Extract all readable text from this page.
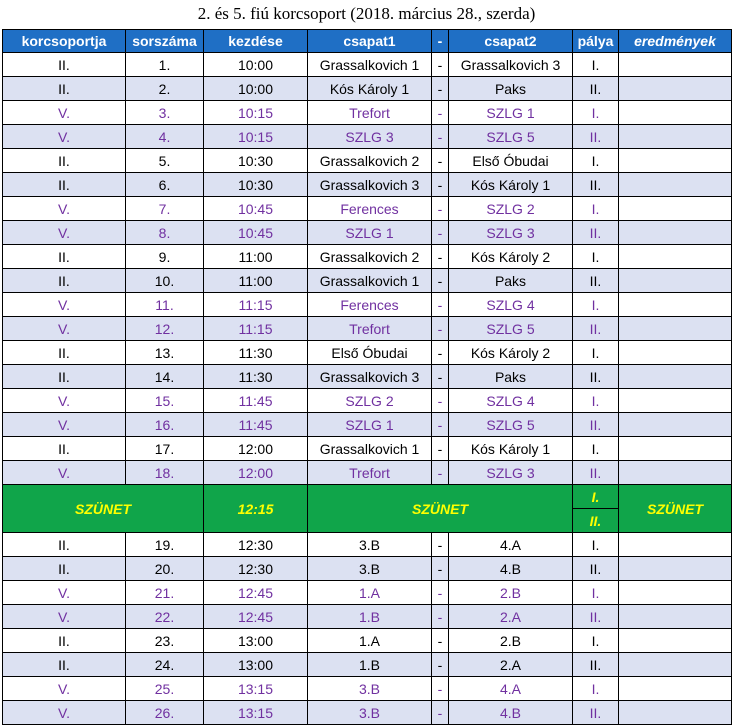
2. és 5. fiú korcsoport (2018. március 28., szerda)
korcsoportja	sorszáma	kezdése	csapat1	-	csapat2	pálya	eredmények
II.	1.	10:00	Grassalkovich 1	-	Grassalkovich 3	I.	
II.	2.	10:00	Kós Károly 1	-	Paks	II.	
V.	3.	10:15	Trefort	-	SZLG 1	I.	
V.	4.	10:15	SZLG 3	-	SZLG 5	II.	
II.	5.	10:30	Grassalkovich 2	-	Első Óbudai	I.	
II.	6.	10:30	Grassalkovich 3	-	Kós Károly 1	II.	
V.	7.	10:45	Ferences	-	SZLG 2	I.	
V.	8.	10:45	SZLG 1	-	SZLG 3	II.	
II.	9.	11:00	Grassalkovich 2	-	Kós Károly 2	I.	
II.	10.	11:00	Grassalkovich 1	-	Paks	II.	
V.	11.	11:15	Ferences	-	SZLG 4	I.	
V.	12.	11:15	Trefort	-	SZLG 5	II.	
II.	13.	11:30	Első Óbudai	-	Kós Károly 2	I.	
II.	14.	11:30	Grassalkovich 3	-	Paks	II.	
V.	15.	11:45	SZLG 2	-	SZLG 4	I.	
V.	16.	11:45	SZLG 1	-	SZLG 5	II.	
II.	17.	12:00	Grassalkovich 1	-	Kós Károly 1	I.	
V.	18.	12:00	Trefort	-	SZLG 3	II.	
SZÜNET		12:15	SZÜNET			I.	SZÜNET
						II.	
II.	19.	12:30	3.B	-	4.A	I.	
II.	20.	12:30	3.B	-	4.B	II.	
V.	21.	12:45	1.A	-	2.B	I.	
V.	22.	12:45	1.B	-	2.A	II.	
II.	23.	13:00	1.A	-	2.B	I.	
II.	24.	13:00	1.B	-	2.A	II.	
V.	25.	13:15	3.B	-	4.A	I.	
V.	26.	13:15	3.B	-	4.B	II.	
